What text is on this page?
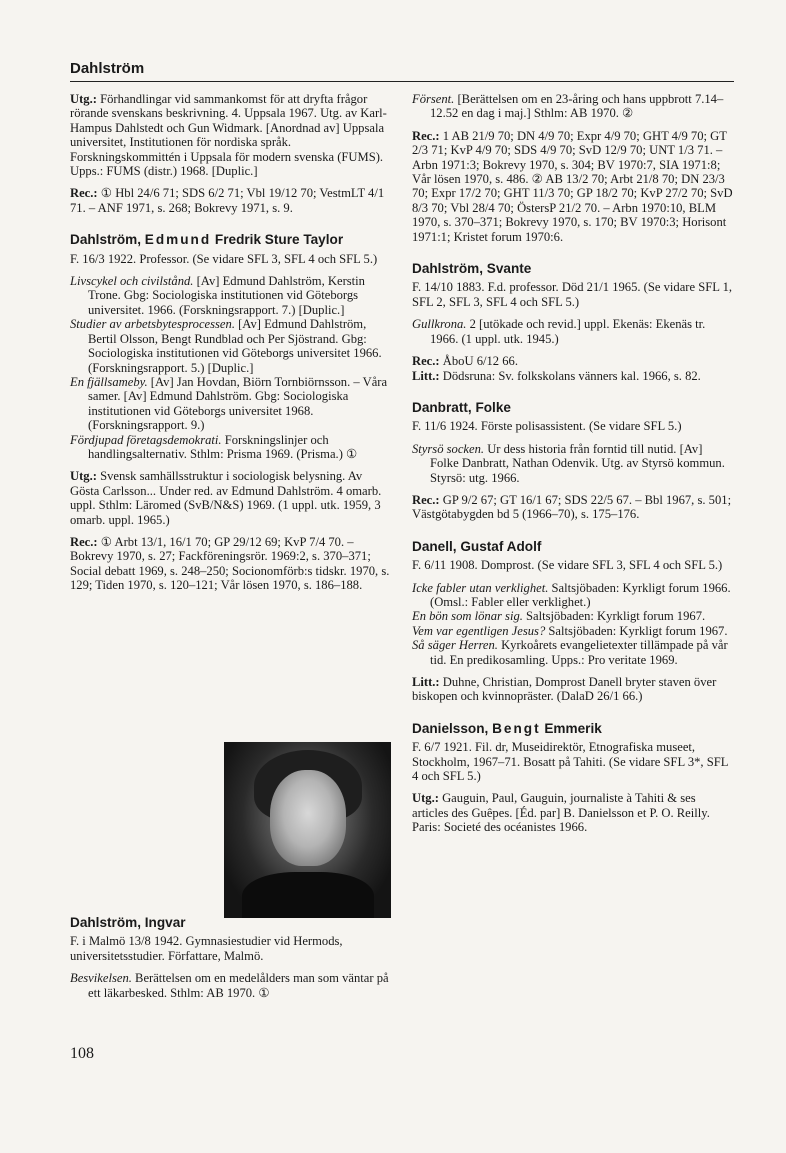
Dahlström

Utg.: Förhandlingar vid sammankomst för att dryfta frågor rörande svenskans beskrivning. 4. Uppsala 1967. Utg. av Karl-Hampus Dahlstedt och Gun Widmark. [Anordnad av] Uppsala universitet, Institutionen för nordiska språk. Forskningskommittén i Uppsala för modern svenska (FUMS). Upps.: FUMS (distr.) 1968. [Duplic.]

Rec.: ① Hbl 24/6 71; SDS 6/2 71; Vbl 19/12 70; VestmLT 4/1 71. – ANF 1971, s. 268; Bokrevy 1971, s. 9.

Dahlström, Edmund Fredrik Sture Taylor

F. 16/3 1922. Professor. (Se vidare SFL 3, SFL 4 och SFL 5.)

Livscykel och civilstånd. [Av] Edmund Dahlström, Kerstin Trone. Gbg: Sociologiska institutionen vid Göteborgs universitet. 1966. (Forskningsrapport. 7.) [Duplic.]

Studier av arbetsbytesprocessen. [Av] Edmund Dahlström, Bertil Olsson, Bengt Rundblad och Per Sjöstrand. Gbg: Sociologiska institutionen vid Göteborgs universitet 1966. (Forskningsrapport. 5.) [Duplic.]

En fjällsameby. [Av] Jan Hovdan, Biörn Tornbiörnsson. – Våra samer. [Av] Edmund Dahlström. Gbg: Sociologiska institutionen vid Göteborgs universitet 1968. (Forskningsrapport. 9.)

Fördjupad företagsdemokrati. Forskningslinjer och handlingsalternativ. Sthlm: Prisma 1969. (Prisma.) ①

Utg.: Svensk samhällsstruktur i sociologisk belysning. Av Gösta Carlsson... Under red. av Edmund Dahlström. 4 omarb. uppl. Sthlm: Läromed (SvB/N&S) 1969. (1 uppl. utk. 1959, 3 omarb. uppl. 1965.)

Rec.: ① Arbt 13/1, 16/1 70; GP 29/12 69; KvP 7/4 70. – Bokrevy 1970, s. 27; Fackföreningsrör. 1969:2, s. 370–371; Social debatt 1969, s. 248–250; Socionomförb:s tidskr. 1970, s. 129; Tiden 1970, s. 120–121; Vår lösen 1970, s. 186–188.

Dahlström, Ingvar

F. i Malmö 13/8 1942. Gymnasiestudier vid Hermods, universitetsstudier. Författare, Malmö.

Besvikelsen. Berättelsen om en medelålders man som väntar på ett läkarbesked. Sthlm: AB 1970. ①

108

Försent. [Berättelsen om en 23-åring och hans uppbrott 7.14–12.52 en dag i maj.] Sthlm: AB 1970. ②

Rec.: 1 AB 21/9 70; DN 4/9 70; Expr 4/9 70; GHT 4/9 70; GT 2/3 71; KvP 4/9 70; SDS 4/9 70; SvD 12/9 70; UNT 1/3 71. – Arbn 1971:3; Bokrevy 1970, s. 304; BV 1970:7, SIA 1971:8; Vår lösen 1970, s. 486. ② AB 13/2 70; Arbt 21/8 70; DN 23/3 70; Expr 17/2 70; GHT 11/3 70; GP 18/2 70; KvP 27/2 70; SvD 8/3 70; Vbl 28/4 70; ÖstersP 21/2 70. – Arbn 1970:10, BLM 1970, s. 370–371; Bokrevy 1970, s. 170; BV 1970:3; Horisont 1971:1; Kristet forum 1970:6.

Dahlström, Svante

F. 14/10 1883. F.d. professor. Död 21/1 1965. (Se vidare SFL 1, SFL 2, SFL 3, SFL 4 och SFL 5.)

Gullkrona. 2 [utökade och revid.] uppl. Ekenäs: Ekenäs tr. 1966. (1 uppl. utk. 1945.)

Rec.: ÅboU 6/12 66.

Litt.: Dödsruna: Sv. folkskolans vänners kal. 1966, s. 82.

Danbratt, Folke

F. 11/6 1924. Förste polisassistent. (Se vidare SFL 5.)

Styrsö socken. Ur dess historia från forntid till nutid. [Av] Folke Danbratt, Nathan Odenvik. Utg. av Styrsö kommun. Styrsö: utg. 1966.

Rec.: GP 9/2 67; GT 16/1 67; SDS 22/5 67. – Bbl 1967, s. 501; Västgötabygden bd 5 (1966–70), s. 175–176.

Danell, Gustaf Adolf

F. 6/11 1908. Domprost. (Se vidare SFL 3, SFL 4 och SFL 5.)

Icke fabler utan verklighet. Saltsjöbaden: Kyrkligt forum 1966. (Omsl.: Fabler eller verklighet.)

En bön som lönar sig. Saltsjöbaden: Kyrkligt forum 1967.

Vem var egentligen Jesus? Saltsjöbaden: Kyrkligt forum 1967.

Så säger Herren. Kyrkoårets evangelietexter tillämpade på vår tid. En predikosamling. Upps.: Pro veritate 1969.

Litt.: Duhne, Christian, Domprost Danell bryter staven över biskopen och kvinnopräster. (DalaD 26/1 66.)

Danielsson, Bengt Emmerik

F. 6/7 1921. Fil. dr, Museidirektör, Etnografiska museet, Stockholm, 1967–71. Bosatt på Tahiti. (Se vidare SFL 3*, SFL 4 och SFL 5.)

Utg.: Gauguin, Paul, Gauguin, journaliste à Tahiti & ses articles des Guêpes. [Éd. par] B. Danielsson et P. O. Reilly. Paris: Societé des océanistes 1966.
